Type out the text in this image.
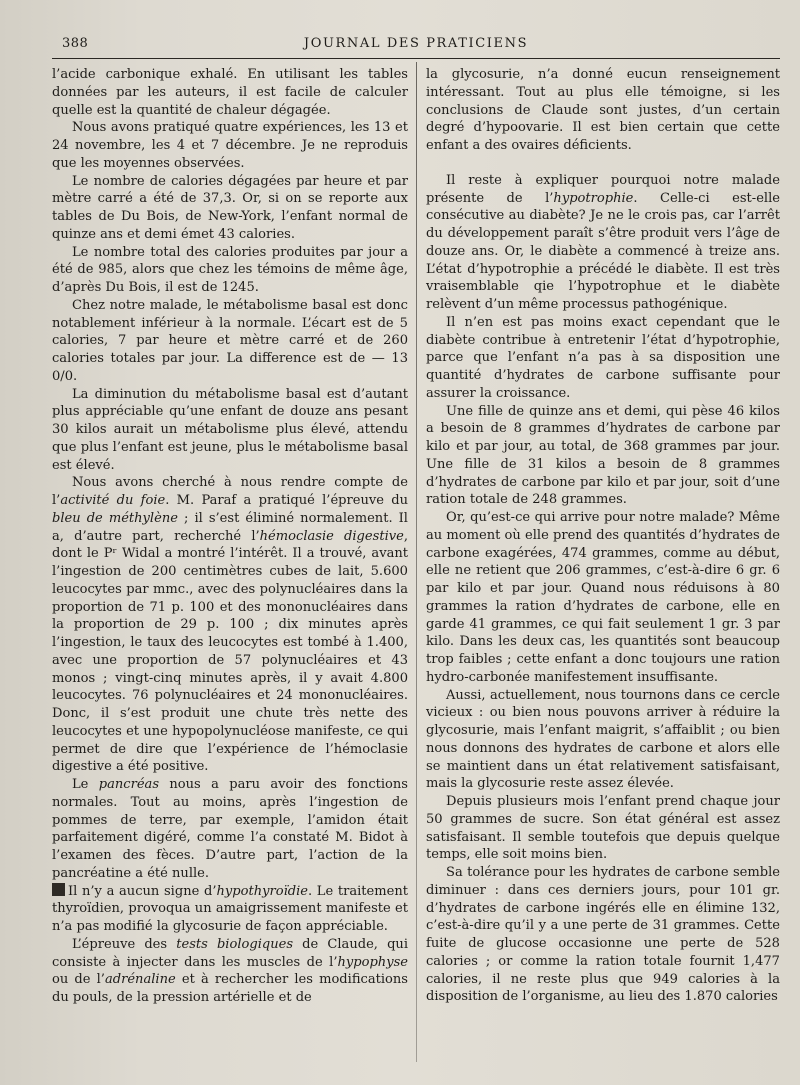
388	JOURNAL DES PRATICIENS

l’acide carbonique exhalé. En utilisant les tables données par les auteurs, il est facile de calculer quelle est la quantité de chaleur dégagée.

Nous avons pratiqué quatre expériences, les 13 et 24 novembre, les 4 et 7 décembre. Je ne reproduis que les moyennes observées.

Le nombre de calories dégagées par heure et par mètre carré a été de 37,3. Or, si on se reporte aux tables de Du Bois, de New-York, l’enfant normal de quinze ans et demi émet 43 calories.

Le nombre total des calories produites par jour a été de 985, alors que chez les témoins de même âge, d’après Du Bois, il est de 1245.

Chez notre malade, le métabolisme basal est donc notablement inférieur à la normale. L’écart est de 5 calories, 7 par heure et mètre carré et de 260 calories totales par jour. La difference est de — 13 0/0.

La diminution du métabolisme basal est d’autant plus appréciable qu’une enfant de douze ans pesant 30 kilos aurait un métabolisme plus élevé, attendu que plus l’enfant est jeune, plus le métabolisme basal est élevé.

Nous avons cherché à nous rendre compte de l’activité du foie. M. Paraf a pratiqué l’épreuve du bleu de méthylène ; il s’est éliminé normalement. Il a, d’autre part, recherché l’hémoclasie digestive, dont le Pʳ Widal a montré l’intérêt. Il a trouvé, avant l’ingestion de 200 centimètres cubes de lait, 5.600 leucocytes par mmc., avec des polynucléaires dans la proportion de 71 p. 100 et des mononucléaires dans la proportion de 29 p. 100 ; dix minutes après l’ingestion, le taux des leucocytes est tombé à 1.400, avec une proportion de 57 polynucléaires et 43 monos ; vingt-cinq minutes après, il y avait 4.800 leucocytes. 76 polynucléaires et 24 mononucléaires. Donc, il s’est produit une chute très nette des leucocytes et une hypopolynucléose manifeste, ce qui permet de dire que l’expérience de l’hémoclasie digestive a été positive.

Le pancréas nous a paru avoir des fonctions normales. Tout au moins, après l’ingestion de pommes de terre, par exemple, l’amidon était parfaitement digéré, comme l’a constaté M. Bidot à l’examen des fèces. D’autre part, l’action de la pancréatine a été nulle.

Il n’y a aucun signe d’hypothyroïdie. Le traitement thyroïdien, provoqua un amaigrissement manifeste et n’a pas modifié la glycosurie de façon appréciable.

L’épreuve des tests biologiques de Claude, qui consiste à injecter dans les muscles de l’hypophyse ou de l’adrénaline et à rechercher les modifications du pouls, de la pression artérielle et de

la glycosurie, n’a donné eucun renseignement intéressant. Tout au plus elle témoigne, si les conclusions de Claude sont justes, d’un certain degré d’hypoovarie. Il est bien certain que cette enfant a des ovaires déficients.

Il reste à expliquer pourquoi notre malade présente de l’hypotrophie. Celle-ci est-elle consécutive au diabète? Je ne le crois pas, car l’arrêt du développement paraît s’être produit vers l’âge de douze ans. Or, le diabète a commencé à treize ans. L’état d’hypotrophie a précédé le diabète. Il est très vraisemblable qie l’hypotrophue et le diabète relèvent d’un même processus pathogénique.

Il n’en est pas moins exact cependant que le diabète contribue à entretenir l’état d’hypotrophie, parce que l’enfant n’a pas à sa disposition une quantité d’hydrates de carbone suffisante pour assurer la croissance.

Une fille de quinze ans et demi, qui pèse 46 kilos a besoin de 8 grammes d’hydrates de carbone par kilo et par jour, au total, de 368 grammes par jour. Une fille de 31 kilos a besoin de 8 grammes d’hydrates de carbone par kilo et par jour, soit d’une ration totale de 248 grammes.

Or, qu’est-ce qui arrive pour notre malade? Même au moment où elle prend des quantités d’hydrates de carbone exagérées, 474 grammes, comme au début, elle ne retient que 206 grammes, c’est-à-dire 6 gr. 6 par kilo et par jour. Quand nous réduisons à 80 grammes la ration d’hydrates de carbone, elle en garde 41 grammes, ce qui fait seulement 1 gr. 3 par kilo. Dans les deux cas, les quantités sont beaucoup trop faibles ; cette enfant a donc toujours une ration hydro-carbonée manifestement insuffisante.

Aussi, actuellement, nous tournons dans ce cercle vicieux : ou bien nous pouvons arriver à réduire la glycosurie, mais l’enfant maigrit, s’affaiblit ; ou bien nous donnons des hydrates de carbone et alors elle se maintient dans un état relativement satisfaisant, mais la glycosurie reste assez élevée.

Depuis plusieurs mois l’enfant prend chaque jour 50 grammes de sucre. Son état général est assez satisfaisant. Il semble toutefois que depuis quelque temps, elle soit moins bien.

Sa tolérance pour les hydrates de carbone semble diminuer : dans ces derniers jours, pour 101 gr. d’hydrates de carbone ingérés elle en élimine 132, c’est-à-dire qu’il y a une perte de 31 grammes. Cette fuite de glucose occasionne une perte de 528 calories ; or comme la ration totale fournit 1,477 calories, il ne reste plus que 949 calories à la disposition de l’organisme, au lieu des 1.870 calories
